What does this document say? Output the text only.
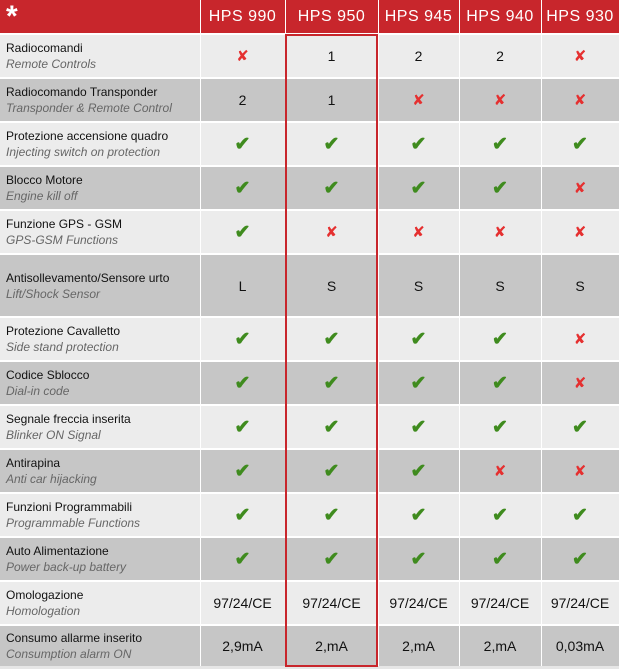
*	HPS 990	HPS 950	HPS 945	HPS 940	HPS 930

Radiocomandi
Remote Controls	✘	1	2	2	✘

Radiocomando Transponder
Transponder & Remote Control	2	1	✘	✘	✘

Protezione accensione quadro
Injecting switch on protection	✔	✔	✔	✔	✔

Blocco Motore
Engine kill off	✔	✔	✔	✔	✘

Funzione GPS - GSM
GPS-GSM Functions	✔	✘	✘	✘	✘

Antisollevamento/Sensore urto
Lift/Shock Sensor	L	S	S	S	S

Protezione Cavalletto
Side stand protection	✔	✔	✔	✔	✘

Codice Sblocco
Dial-in code	✔	✔	✔	✔	✘

Segnale freccia inserita
Blinker ON Signal	✔	✔	✔	✔	✔

Antirapina
Anti car hijacking	✔	✔	✔	✘	✘

Funzioni Programmabili
Programmable Functions	✔	✔	✔	✔	✔

Auto Alimentazione
Power back-up battery	✔	✔	✔	✔	✔

Omologazione
Homologation	97/24/CE	97/24/CE	97/24/CE	97/24/CE	97/24/CE

Consumo allarme inserito
Consumption alarm ON	2,9mA	2,mA	2,mA	2,mA	0,03mA
